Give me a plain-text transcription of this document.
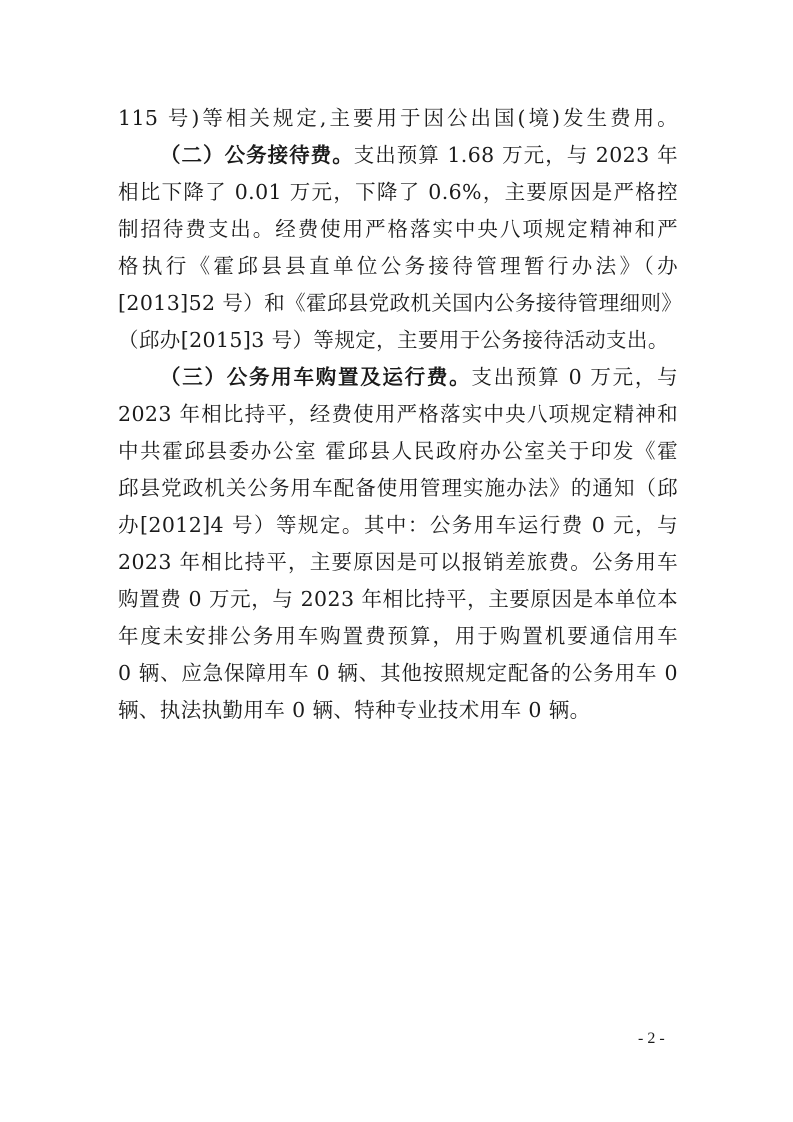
115 号)等相关规定,主要用于因公出国(境)发生费用。
（二）公务接待费。支出预算 1.68 万元，与 2023 年
相比下降了 0.01 万元，下降了 0.6%，主要原因是严格控
制招待费支出。经费使用严格落实中央八项规定精神和严
格执行《霍邱县县直单位公务接待管理暂行办法》（办
[2013]52 号）和《霍邱县党政机关国内公务接待管理细则》
（邱办[2015]3 号）等规定，主要用于公务接待活动支出。
（三）公务用车购置及运行费。支出预算 0 万元，与
2023 年相比持平，经费使用严格落实中央八项规定精神和
中共霍邱县委办公室 霍邱县人民政府办公室关于印发《霍
邱县党政机关公务用车配备使用管理实施办法》的通知（邱
办[2012]4 号）等规定。其中：公务用车运行费 0 元，与
2023 年相比持平，主要原因是可以报销差旅费。公务用车
购置费 0 万元，与 2023 年相比持平，主要原因是本单位本
年度未安排公务用车购置费预算，用于购置机要通信用车
0 辆、应急保障用车 0 辆、其他按照规定配备的公务用车 0
辆、执法执勤用车 0 辆、特种专业技术用车 0 辆。
- 2 -
